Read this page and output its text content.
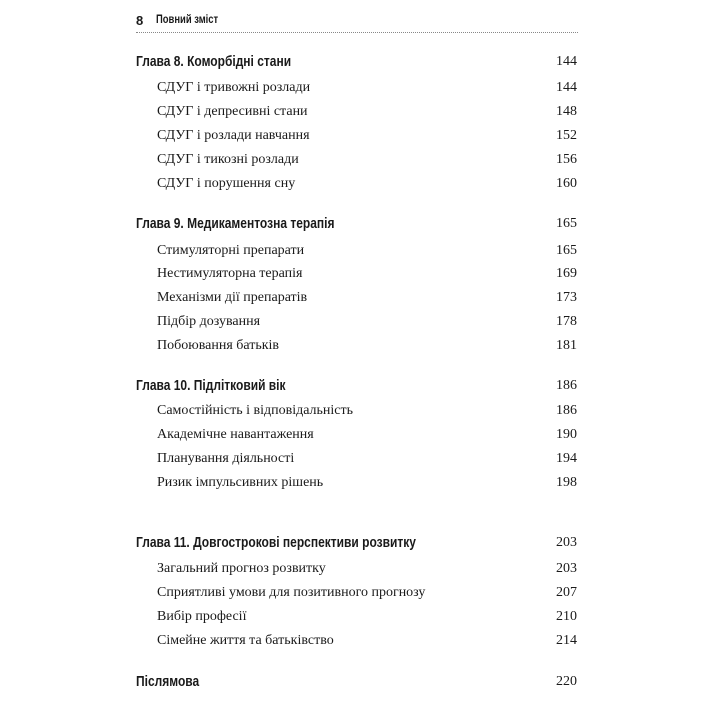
8 Повний зміст
Глава 8. Коморбідні стани	144
СДУГ і тривожні розлади	144
СДУГ і депресивні стани	148
СДУГ і розлади навчання	152
СДУГ і тикозні розлади	156
СДУГ і порушення сну	160
Глава 9. Медикаментозна терапія	165
Стимуляторні препарати	165
Нестимуляторна терапія	169
Механізми дії препаратів	173
Підбір дозування	178
Побоювання батьків	181
Глава 10. Підлітковий вік	186
Самостійність і відповідальність	186
Академічне навантаження	190
Планування діяльності	194
Ризик імпульсивних рішень	198
Глава 11. Довгострокові перспективи розвитку	203
Загальний прогноз розвитку	203
Сприятливі умови для позитивного прогнозу	207
Вибір професії	210
Сімейне життя та батьківство	214
Післямова	220
